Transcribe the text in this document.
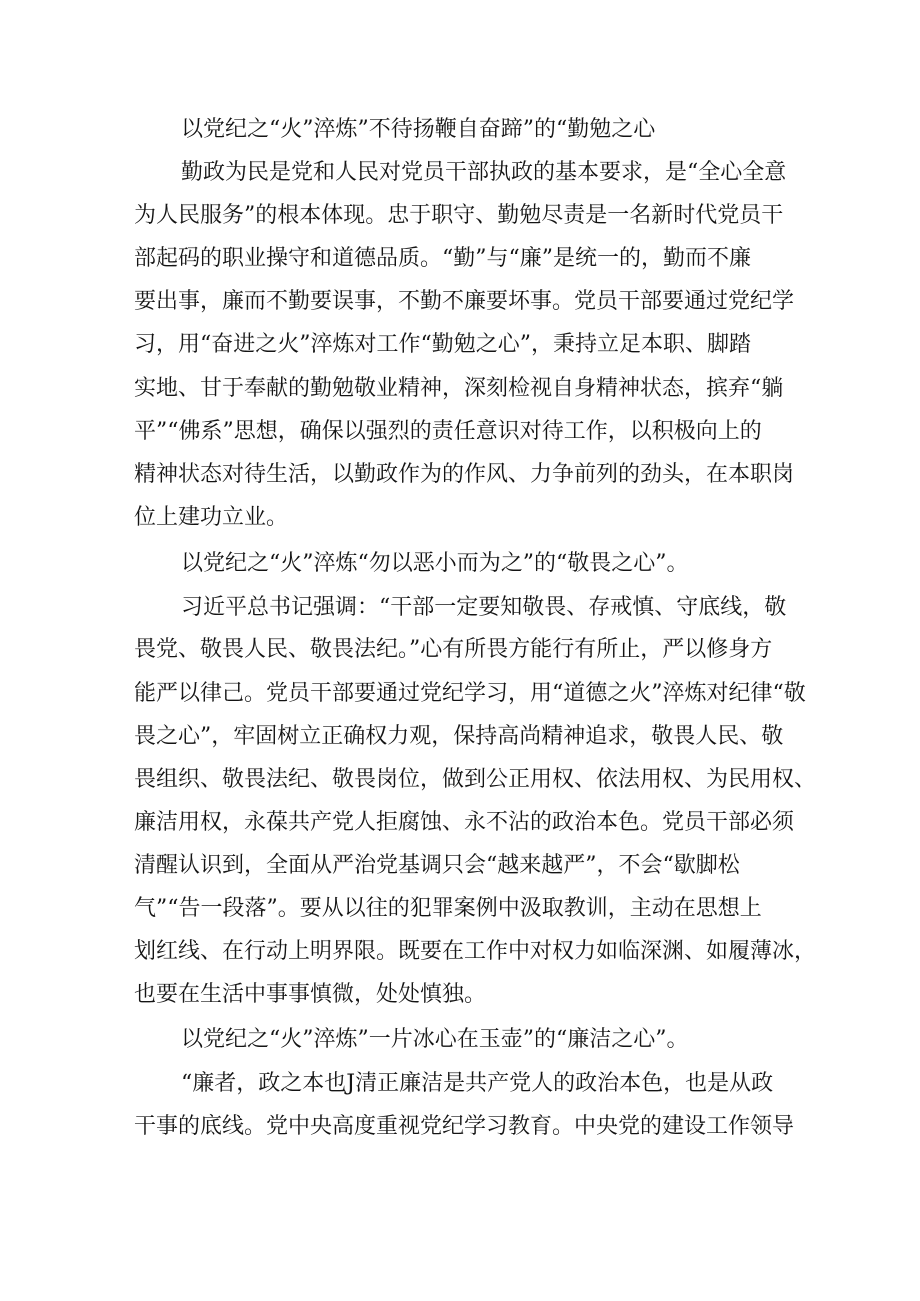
以党纪之“火”淬炼”不待扬鞭自奋蹄”的“勤勉之心
勤政为民是党和人民对党员干部执政的基本要求，是“全心全意
为人民服务”的根本体现。忠于职守、勤勉尽责是一名新时代党员干
部起码的职业操守和道德品质。“勤”与“廉”是统一的，勤而不廉
要出事，廉而不勤要误事，不勤不廉要坏事。党员干部要通过党纪学
习，用“奋进之火”淬炼对工作“勤勉之心”，秉持立足本职、脚踏
实地、甘于奉献的勤勉敬业精神，深刻检视自身精神状态，摈弃“躺
平”“佛系”思想，确保以强烈的责任意识对待工作，以积极向上的
精神状态对待生活，以勤政作为的作风、力争前列的劲头，在本职岗
位上建功立业。
以党纪之“火”淬炼“勿以恶小而为之”的“敬畏之心”。
习近平总书记强调：“干部一定要知敬畏、存戒慎、守底线，敬
畏党、敬畏人民、敬畏法纪。”心有所畏方能行有所止，严以修身方
能严以律己。党员干部要通过党纪学习，用“道德之火”淬炼对纪律“敬
畏之心”，牢固树立正确权力观，保持高尚精神追求，敬畏人民、敬
畏组织、敬畏法纪、敬畏岗位，做到公正用权、依法用权、为民用权、
廉洁用权，永葆共产党人拒腐蚀、永不沾的政治本色。党员干部必须
清醒认识到，全面从严治党基调只会“越来越严”，不会“歇脚松
气”“告一段落”。要从以往的犯罪案例中汲取教训，主动在思想上
划红线、在行动上明界限。既要在工作中对权力如临深渊、如履薄冰，
也要在生活中事事慎微，处处慎独。
以党纪之“火”淬炼”一片冰心在玉壶”的“廉洁之心”。
“廉者，政之本也J清正廉洁是共产党人的政治本色，也是从政
干事的底线。党中央高度重视党纪学习教育。中央党的建设工作领导
